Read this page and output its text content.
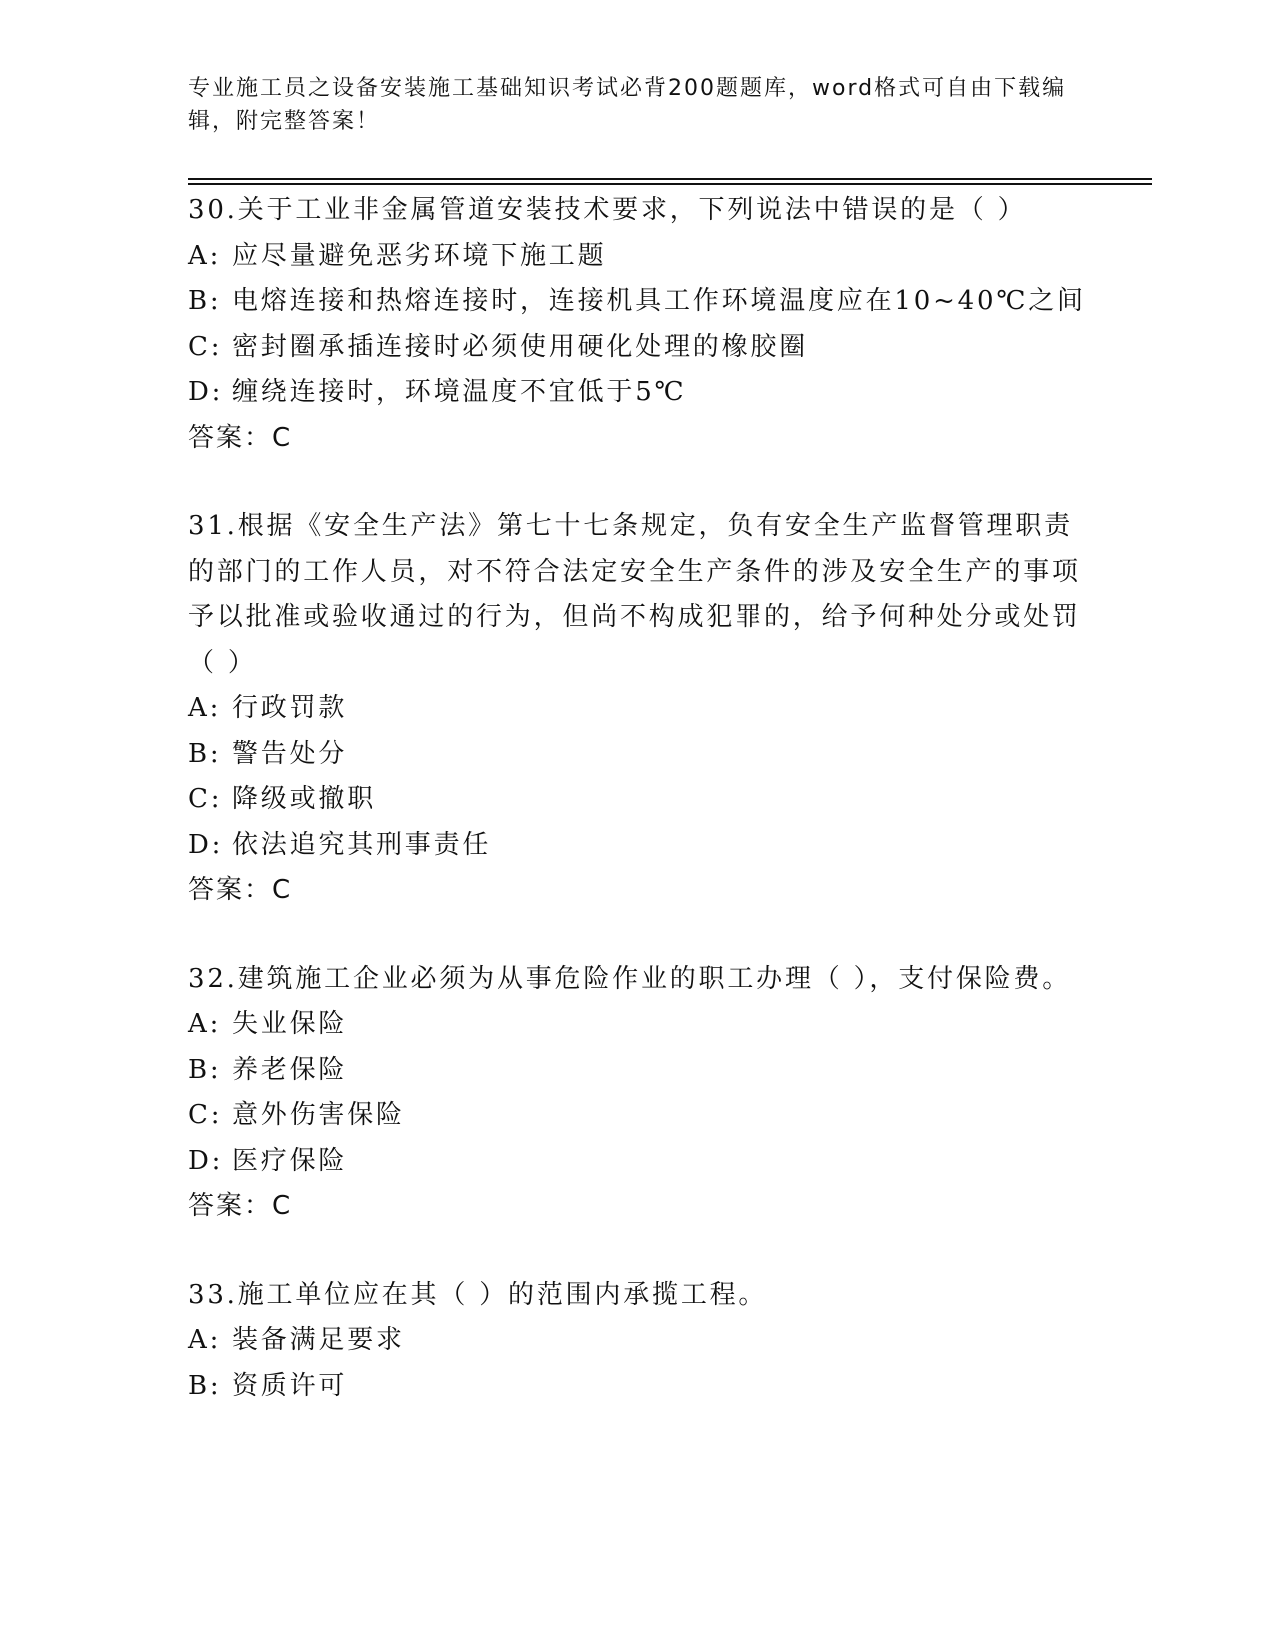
专业施工员之设备安装施工基础知识考试必背200题题库，word格式可自由下载编辑，附完整答案！
30.关于工业非金属管道安装技术要求，下列说法中错误的是（ ）
A: 应尽量避免恶劣环境下施工题
B: 电熔连接和热熔连接时，连接机具工作环境温度应在10~40℃之间
C: 密封圈承插连接时必须使用硬化处理的橡胶圈
D: 缠绕连接时，环境温度不宜低于5℃
答案：C
31.根据《安全生产法》第七十七条规定，负有安全生产监督管理职责的部门的工作人员，对不符合法定安全生产条件的涉及安全生产的事项予以批准或验收通过的行为，但尚不构成犯罪的，给予何种处分或处罚（ ）
A: 行政罚款
B: 警告处分
C: 降级或撤职
D: 依法追究其刑事责任
答案：C
32.建筑施工企业必须为从事危险作业的职工办理（ ），支付保险费。
A: 失业保险
B: 养老保险
C: 意外伤害保险
D: 医疗保险
答案：C
33.施工单位应在其（ ）的范围内承揽工程。
A: 装备满足要求
B: 资质许可
